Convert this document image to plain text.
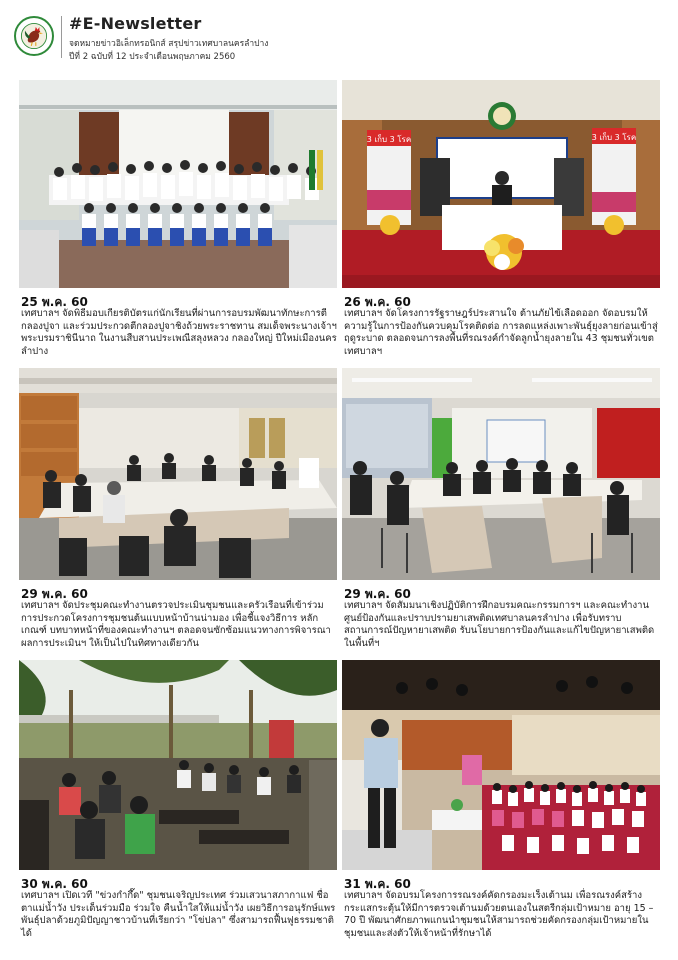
#E-Newsletter
จดหมายข่าวอิเล็กทรอนิกส์ สรุปข่าวเทศบาลนครลำปาง
ปีที่ 2 ฉบับที่ 12 ประจำเดือนพฤษภาคม 2560
25 พ.ค. 60
เทศบาลฯ จัดพิธีมอบเกียรติบัตรแก่นักเรียนที่ผ่านการอบรมพัฒนาทักษะการตีกลองปูจา และร่วมประกวดตีกลองปูจาชิงถ้วยพระราชทาน สมเด็จพระนางเจ้าฯ พระบรมราชินีนาถ ในงานสืบสานประเพณีสลุงหลวง กลองใหญ่ ปีใหม่เมืองนครลำปาง
3 เก็บ 3 โรค	3 เก็บ 3 โรค
26 พ.ค. 60
เทศบาลฯ จัดโครงการรัฐราษฎร์ประสานใจ ต้านภัยไข้เลือดออก จัดอบรมให้ความรู้ในการป้องกันควบคุมโรคติดต่อ การลดแหล่งเพาะพันธุ์ยุงลายก่อนเข้าสู่ฤดูระบาด ตลอดจนการลงพื้นที่รณรงค์กำจัดลูกน้ำยุงลายใน 43 ชุมชนทั่วเขตเทศบาลฯ
29 พ.ค. 60
เทศบาลฯ จัดประชุมคณะทำงานตรวจประเมินชุมชนและครัวเรือนที่เข้าร่วมการประกวดโครงการชุมชนต้นแบบหน้าบ้านน่ามอง เพื่อชี้แจงวิธีการ หลักเกณฑ์ บทบาทหน้าที่ของคณะทำงานฯ ตลอดจนซักซ้อมแนวทางการพิจารณาผลการประเมินฯ ให้เป็นไปในทิศทางเดียวกัน
29 พ.ค. 60
เทศบาลฯ จัดสัมมนาเชิงปฏิบัติการฝึกอบรมคณะกรรมการฯ และคณะทำงานศูนย์ป้องกันและปราบปรามยาเสพติดเทศบาลนครลำปาง เพื่อรับทราบสถานการณ์ปัญหายาเสพติด รับนโยบายการป้องกันและแก้ไขปัญหายาเสพติดในพื้นที่ฯ
30 พ.ค. 60
เทศบาลฯ เปิดเวที "ข่วงกำกึ๊ด" ชุมชนเจริญประเทศ ร่วมเสวนาสภากาแฟ ชื่อ ตาแม่น้ำวัง ประเด็นร่วมมือ ร่วมใจ คืนน้ำใสให้แม่น้ำวัง เผยวิธีการอนุรักษ์แพรพันธุ์ปลาด้วยภูมิปัญญาชาวบ้านที่เรียกว่า "โข่ปลา" ซึ่งสามารถฟื้นฟูธรรมชาติได้
31 พ.ค. 60
เทศบาลฯ จัดอบรมโครงการรณรงค์คัดกรองมะเร็งเต้านม เพื่อรณรงค์สร้างกระแสกระตุ้นให้มีการตรวจเต้านมด้วยตนเองในสตรีกลุ่มเป้าหมาย อายุ 15 – 70 ปี พัฒนาศักยภาพแกนนำชุมชนให้สามารถช่วยคัดกรองกลุ่มเป้าหมายในชุมชนและส่งตัวให้เจ้าหน้าที่รักษาได้
